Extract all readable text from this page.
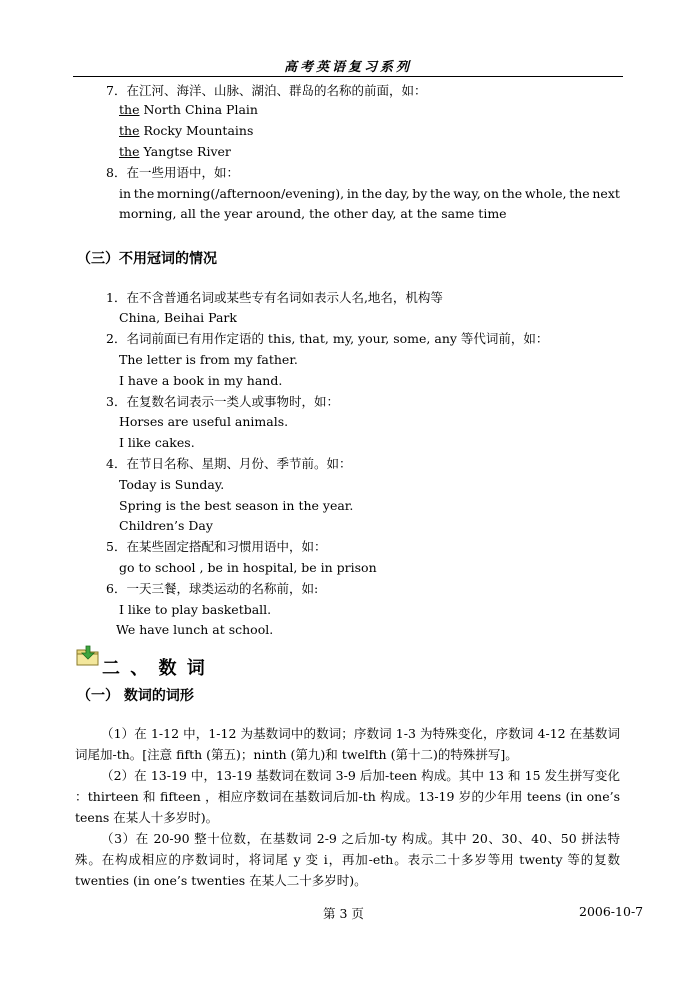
高考英语复习系列
7．在江河、海洋、山脉、湖泊、群岛的名称的前面，如：
the North China Plain
the Rocky Mountains
the Yangtse River
8．在一些用语中，如：
in the morning(/afternoon/evening), in the day, by the way, on the whole, the next
morning, all the year around, the other day, at the same time
（三）不用冠词的情况
1．在不含普通名词或某些专有名词如表示人名,地名，机构等
China, Beihai Park
2．名词前面已有用作定语的 this, that, my, your, some, any 等代词前，如：
The letter is from my father.
I have a book in my hand.
3．在复数名词表示一类人或事物时，如：
Horses are useful animals.
I like cakes.
4．在节日名称、星期、月份、季节前。如：
Today is Sunday.
Spring is the best season in the year.
Children’s Day
5．在某些固定搭配和习惯用语中，如：
go to school , be in hospital, be in prison
6．一天三餐，球类运动的名称前，如:
I like to play basketball.
We have lunch at school.
二 、 数 词
（一） 数词的词形
（1）在 1-12 中，1-12 为基数词中的数词；序数词 1-3 为特殊变化，序数词 4-12 在基数词词尾加-th。[注意 fifth (第五)；ninth (第九)和 twelfth (第十二)的特殊拼写]。
（2）在 13-19 中，13-19 基数词在数词 3-9 后加-teen 构成。其中 13 和 15 发生拼写变化 ：thirteen 和 fifteen ，相应序数词在基数词后加-th 构成。13-19 岁的少年用 teens (in one’s teens 在某人十多岁时)。
（3）在 20-90 整十位数，在基数词 2-9 之后加-ty 构成。其中 20、30、40、50 拼法特殊。在构成相应的序数词时，将词尾 y 变 i，再加-eth。表示二十多岁等用 twenty 等的复数 twenties (in one’s twenties 在某人二十多岁时)。
第 3 页	2006-10-7
